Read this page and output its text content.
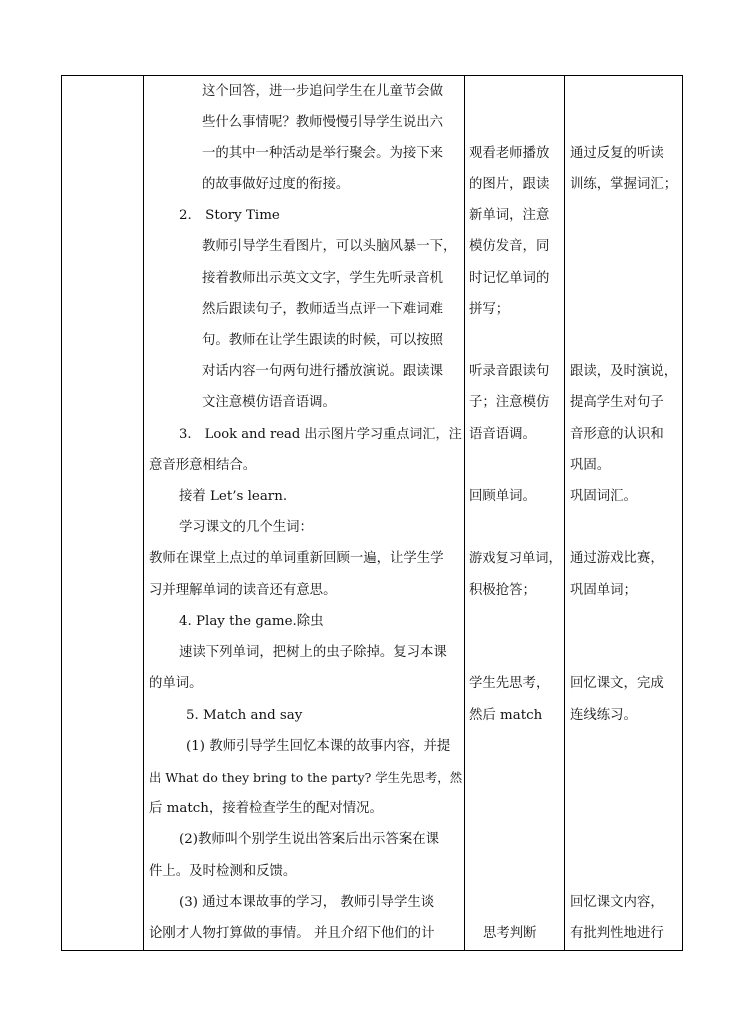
这个回答，进一步追问学生在儿童节会做
些什么事情呢？教师慢慢引导学生说出六
一的其中一种活动是举行聚会。为接下来
的故事做好过度的衔接。
2.　Story Time
教师引导学生看图片，可以头脑风暴一下，
接着教师出示英文文字，学生先听录音机
然后跟读句子，教师适当点评一下难词难
句。教师在让学生跟读的时候，可以按照
对话内容一句两句进行播放演说。跟读课
文注意模仿语音语调。
3.　Look and read 出示图片学习重点词汇，注
意音形意相结合。
接着 Let’s learn.
学习课文的几个生词：
教师在课堂上点过的单词重新回顾一遍，让学生学
习并理解单词的读音还有意思。
4. Play the game.除虫
速读下列单词，把树上的虫子除掉。复习本课
的单词。
5. Match and say
(1) 教师引导学生回忆本课的故事内容，并提
出 What do they bring to the party? 学生先思考，然
后 match，接着检查学生的配对情况。
(2)教师叫个别学生说出答案后出示答案在课
件上。及时检测和反馈。
(3) 通过本课故事的学习， 教师引导学生谈
论刚才人物打算做的事情。 并且介绍下他们的计
观看老师播放
的图片，跟读
新单词，注意
模仿发音，同
时记忆单词的
拼写；
听录音跟读句
子；注意模仿
语音语调。
回顾单词。
游戏复习单词，
积极抢答；
学生先思考，
然后 match
思考判断
通过反复的听读
训练，掌握词汇；
跟读，及时演说，
提高学生对句子
音形意的认识和
巩固。
巩固词汇。
通过游戏比赛，
巩固单词；
回忆课文，完成
连线练习。
回忆课文内容，
有批判性地进行
